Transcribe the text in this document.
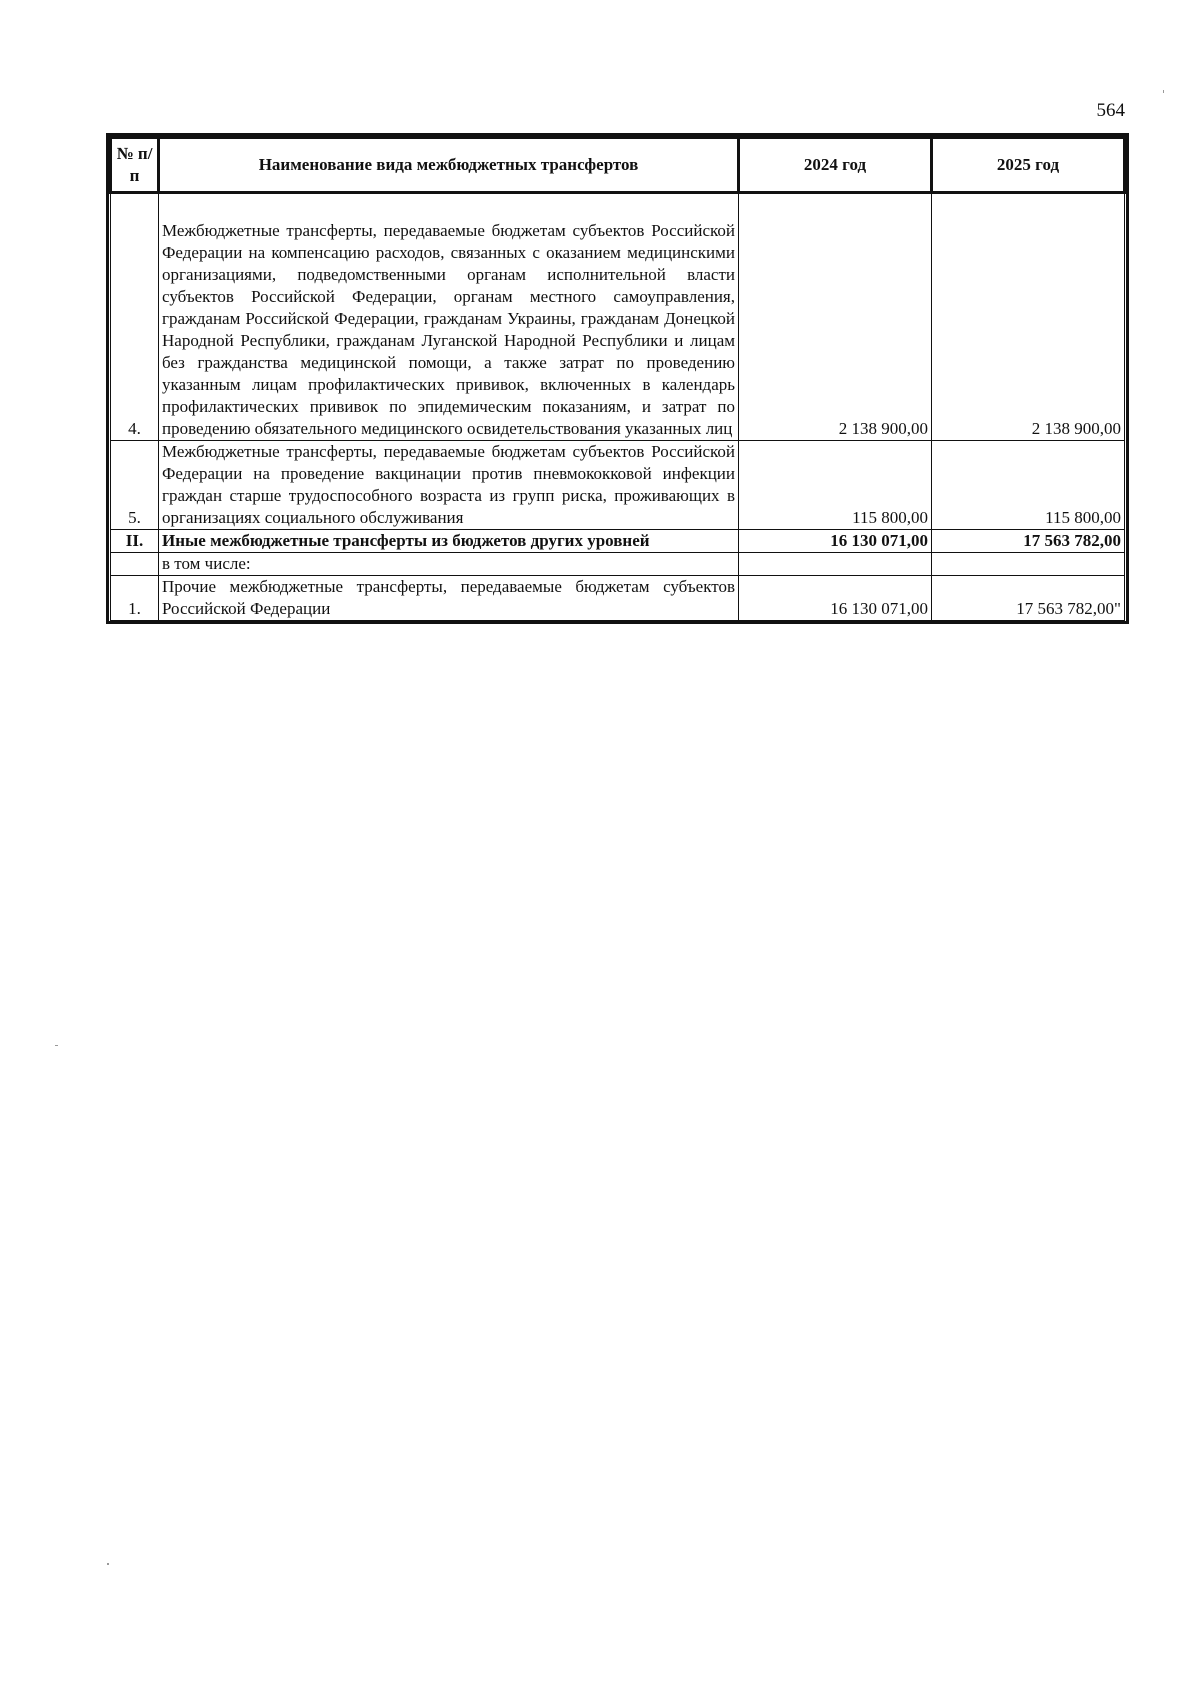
564
№ п/п	Наименование вида межбюджетных трансфертов	2024 год	2025 год
4.	Межбюджетные трансферты, передаваемые бюджетам субъектов Российской Федерации на компенсацию расходов, связанных с оказанием медицинскими организациями, подведомственными органам исполнительной власти субъектов Российской Федерации, органам местного самоуправления, гражданам Российской Федерации, гражданам Украины, гражданам Донецкой Народной Республики, гражданам Луганской Народной Республики и лицам без гражданства медицинской помощи, а также затрат по проведению указанным лицам профилактических прививок, включенных в календарь профилактических прививок по эпидемическим показаниям, и затрат по проведению обязательного медицинского освидетельствования указанных лиц	2 138 900,00	2 138 900,00
5.	Межбюджетные трансферты, передаваемые бюджетам субъектов Российской Федерации на проведение вакцинации против пневмококковой инфекции граждан старше трудоспособного возраста из групп риска, проживающих в организациях социального обслуживания	115 800,00	115 800,00
II.	Иные межбюджетные трансферты из бюджетов других уровней	16 130 071,00	17 563 782,00
	в том числе:		
1.	Прочие межбюджетные трансферты, передаваемые бюджетам субъектов Российской Федерации	16 130 071,00	17 563 782,00"
